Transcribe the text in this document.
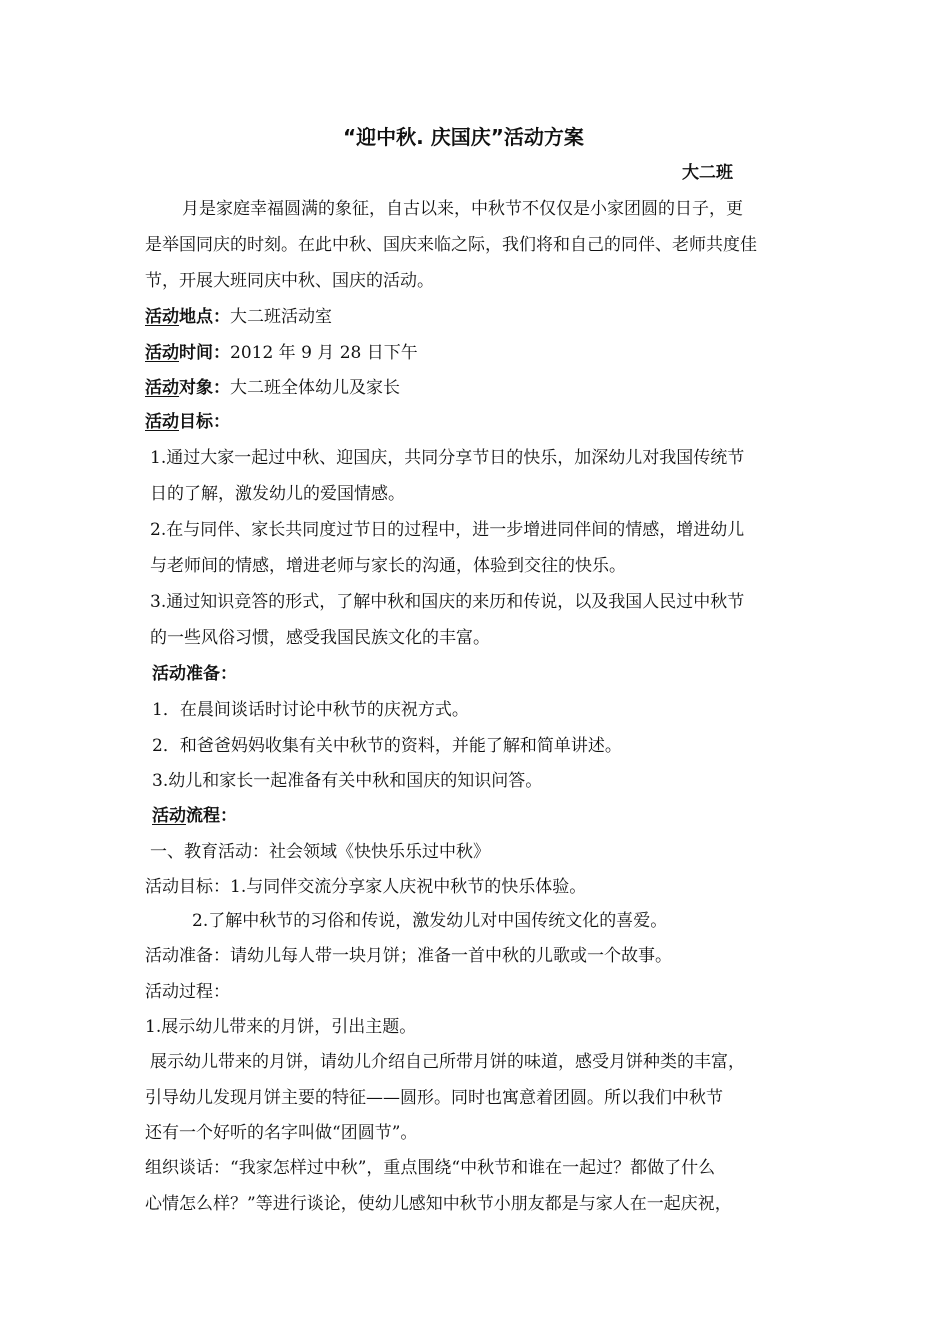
“迎中秋. 庆国庆”活动方案
大二班
月是家庭幸福圆满的象征，自古以来，中秋节不仅仅是小家团圆的日子，更
是举国同庆的时刻。在此中秋、国庆来临之际，我们将和自己的同伴、老师共度佳
节，开展大班同庆中秋、国庆的活动。
活动地点：大二班活动室
活动时间：2012 年 9 月 28 日下午
活动对象：大二班全体幼儿及家长
活动目标：
1.通过大家一起过中秋、迎国庆，共同分享节日的快乐，加深幼儿对我国传统节
日的了解，激发幼儿的爱国情感。
2.在与同伴、家长共同度过节日的过程中，进一步增进同伴间的情感，增进幼儿
与老师间的情感，增进老师与家长的沟通，体验到交往的快乐。
3.通过知识竞答的形式，了解中秋和国庆的来历和传说，以及我国人民过中秋节
的一些风俗习惯，感受我国民族文化的丰富。
活动准备：
1．在晨间谈话时讨论中秋节的庆祝方式。
2．和爸爸妈妈收集有关中秋节的资料，并能了解和简单讲述。
3.幼儿和家长一起准备有关中秋和国庆的知识问答。
活动流程：
一、教育活动：社会领域《快快乐乐过中秋》
活动目标：1.与同伴交流分享家人庆祝中秋节的快乐体验。
2.了解中秋节的习俗和传说，激发幼儿对中国传统文化的喜爱。
活动准备：请幼儿每人带一块月饼；准备一首中秋的儿歌或一个故事。
活动过程：
1.展示幼儿带来的月饼，引出主题。
展示幼儿带来的月饼，请幼儿介绍自己所带月饼的味道，感受月饼种类的丰富，
引导幼儿发现月饼主要的特征——圆形。同时也寓意着团圆。所以我们中秋节
还有一个好听的名字叫做“团圆节”。
组织谈话：“我家怎样过中秋”，重点围绕“中秋节和谁在一起过？都做了什么
心情怎么样？”等进行谈论，使幼儿感知中秋节小朋友都是与家人在一起庆祝，
